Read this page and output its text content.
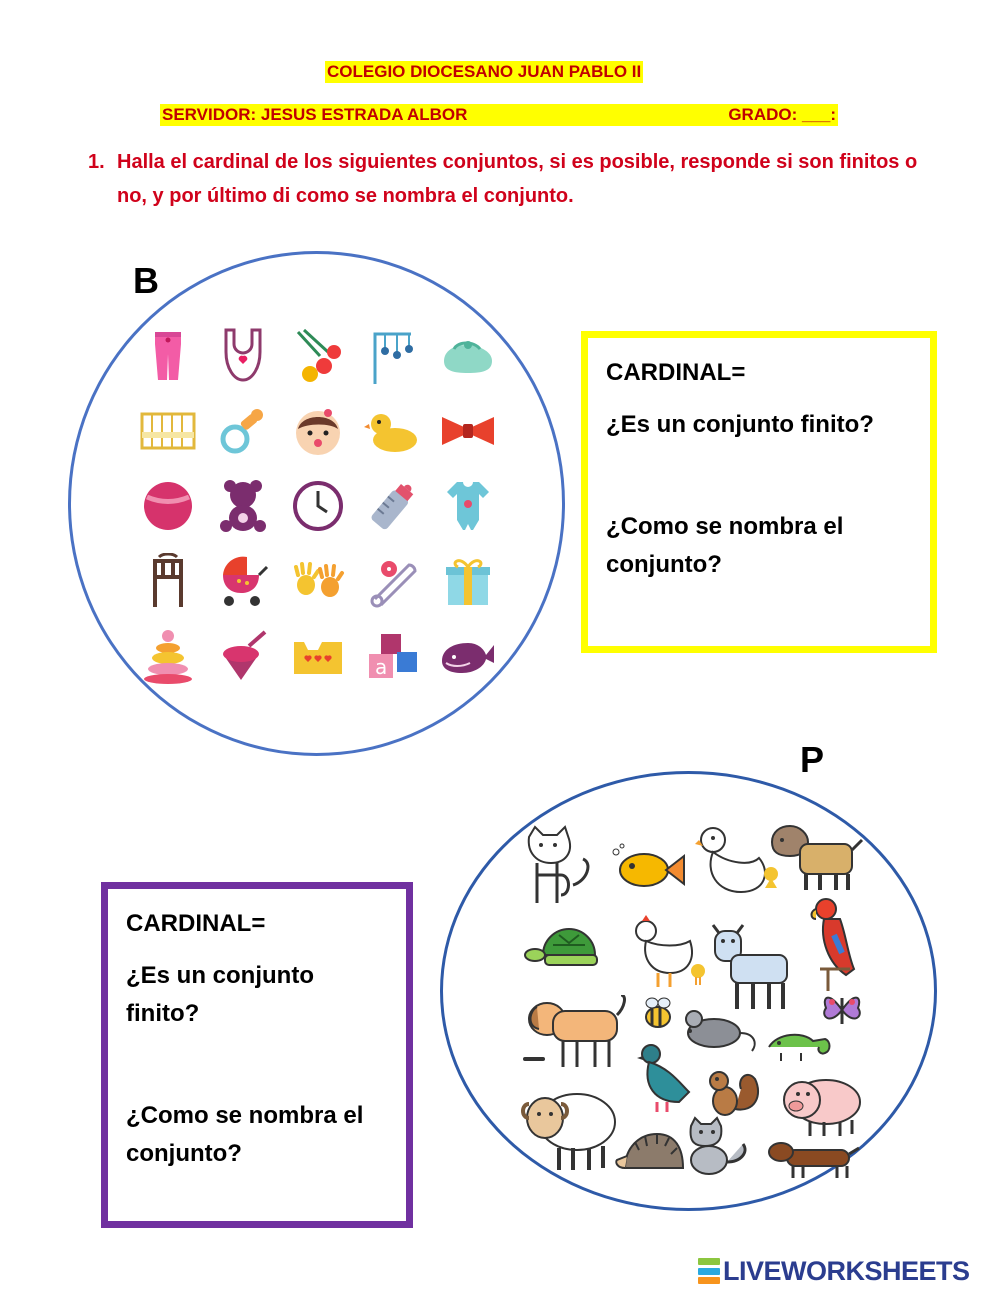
COLEGIO DIOCESANO JUAN PABLO II
SERVIDOR: JESUS ESTRADA ALBOR	GRADO: ___:
1. Halla el cardinal de los siguientes conjuntos, si es posible, responde si son finitos o no, y por último di como se nombra el conjunto.
B
a
CARDINAL=
¿Es un conjunto finito?
¿Como se nombra el
conjunto?
P
CARDINAL=
¿Es un conjunto
finito?
¿Como se nombra el
conjunto?
LIVEWORKSHEETS
